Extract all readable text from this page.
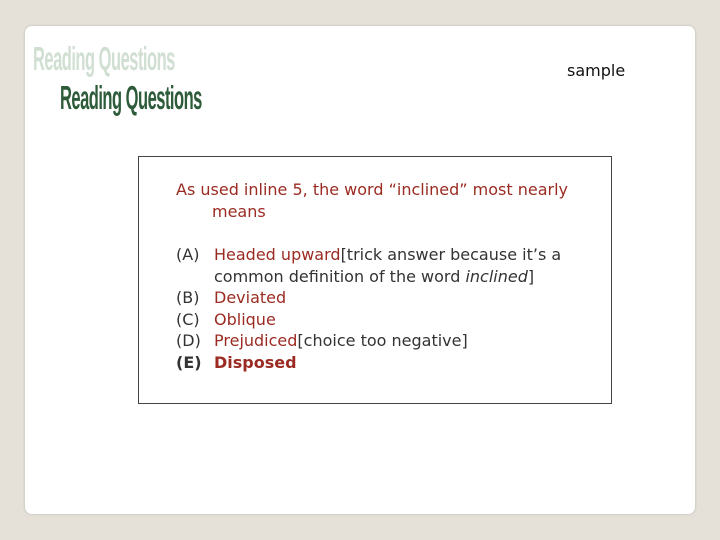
Reading Questions
Reading Questions
sample

As used inline 5, the word “inclined” most nearly
means

(A) Headed upward [trick answer because it’s a
common definition of the word inclined]
(B) Deviated
(C) Oblique
(D) Prejudiced [choice too negative]
(E) Disposed
